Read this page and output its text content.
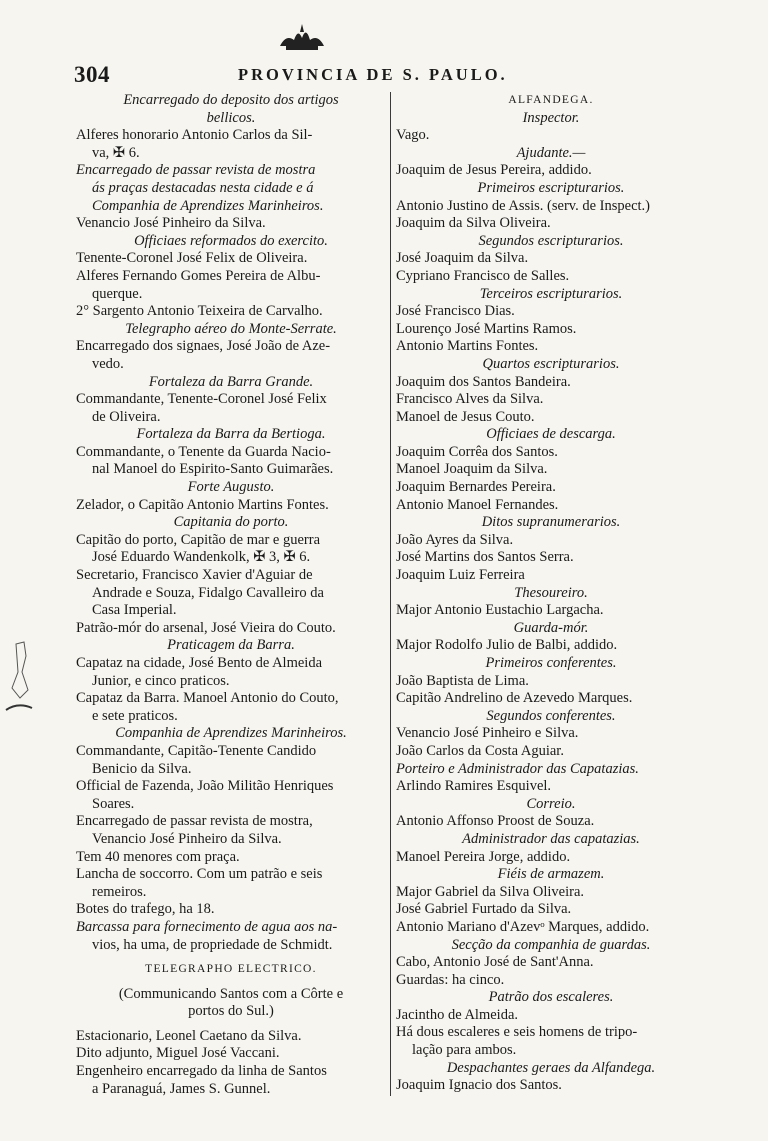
304	PROVINCIA DE S. PAULO.
Encarregado do deposito dos artigos
bellicos.
Alferes honorario Antonio Carlos da Sil-
va, ✠ 6.
Encarregado de passar revista de mostra
ás praças destacadas nesta cidade e á
Companhia de Aprendizes Marinheiros.
Venancio José Pinheiro da Silva.
Officiaes reformados do exercito.
Tenente-Coronel José Felix de Oliveira.
Alferes Fernando Gomes Pereira de Albu-
querque.
2° Sargento Antonio Teixeira de Carvalho.
Telegrapho aéreo do Monte-Serrate.
Encarregado dos signaes, José João de Aze-
vedo.
Fortaleza da Barra Grande.
Commandante, Tenente-Coronel José Felix
de Oliveira.
Fortaleza da Barra da Bertioga.
Commandante, o Tenente da Guarda Nacio-
nal Manoel do Espirito-Santo Guimarães.
Forte Augusto.
Zelador, o Capitão Antonio Martins Fontes.
Capitania do porto.
Capitão do porto, Capitão de mar e guerra
José Eduardo Wandenkolk, ✠ 3, ✠ 6.
Secretario, Francisco Xavier d'Aguiar de
Andrade e Souza, Fidalgo Cavalleiro da
Casa Imperial.
Patrão-mór do arsenal, José Vieira do Couto.
Praticagem da Barra.
Capataz na cidade, José Bento de Almeida
Junior, e cinco praticos.
Capataz da Barra. Manoel Antonio do Couto,
e sete praticos.
Companhia de Aprendizes Marinheiros.
Commandante, Capitão-Tenente Candido
Benicio da Silva.
Official de Fazenda, João Militão Henriques
Soares.
Encarregado de passar revista de mostra,
Venancio José Pinheiro da Silva.
Tem 40 menores com praça.
Lancha de soccorro. Com um patrão e seis
remeiros.
Botes do trafego, ha 18.
Barcassa para fornecimento de agua aos na-
vios, ha uma, de propriedade de Schmidt.
TELEGRAPHO ELECTRICO.
(Communicando Santos com a Côrte e
portos do Sul.)
Estacionario, Leonel Caetano da Silva.
Dito adjunto, Miguel José Vaccani.
Engenheiro encarregado da linha de Santos
a Paranaguá, James S. Gunnel.
ALFANDEGA.
Inspector.
Vago.
Ajudante.—
Joaquim de Jesus Pereira, addido.
Primeiros escripturarios.
Antonio Justino de Assis. (serv. de Inspect.)
Joaquim da Silva Oliveira.
Segundos escripturarios.
José Joaquim da Silva.
Cypriano Francisco de Salles.
Terceiros escripturarios.
José Francisco Dias.
Lourenço José Martins Ramos.
Antonio Martins Fontes.
Quartos escripturarios.
Joaquim dos Santos Bandeira.
Francisco Alves da Silva.
Manoel de Jesus Couto.
Officiaes de descarga.
Joaquim Corrêa dos Santos.
Manoel Joaquim da Silva.
Joaquim Bernardes Pereira.
Antonio Manoel Fernandes.
Ditos supranumerarios.
João Ayres da Silva.
José Martins dos Santos Serra.
Joaquim Luiz Ferreira
Thesoureiro.
Major Antonio Eustachio Largacha.
Guarda-mór.
Major Rodolfo Julio de Balbi, addido.
Primeiros conferentes.
João Baptista de Lima.
Capitão Andrelino de Azevedo Marques.
Segundos conferentes.
Venancio José Pinheiro e Silva.
João Carlos da Costa Aguiar.
Porteiro e Administrador das Capatazias.
Arlindo Ramires Esquivel.
Correio.
Antonio Affonso Proost de Souza.
Administrador das capatazias.
Manoel Pereira Jorge, addido.
Fiéis de armazem.
Major Gabriel da Silva Oliveira.
José Gabriel Furtado da Silva.
Antonio Mariano d'Azevᵒ Marques, addido.
Secção da companhia de guardas.
Cabo, Antonio José de Sant'Anna.
Guardas: ha cinco.
Patrão dos escaleres.
Jacintho de Almeida.
Há dous escaleres e seis homens de tripo-
lação para ambos.
Despachantes geraes da Alfandega.
Joaquim Ignacio dos Santos.
